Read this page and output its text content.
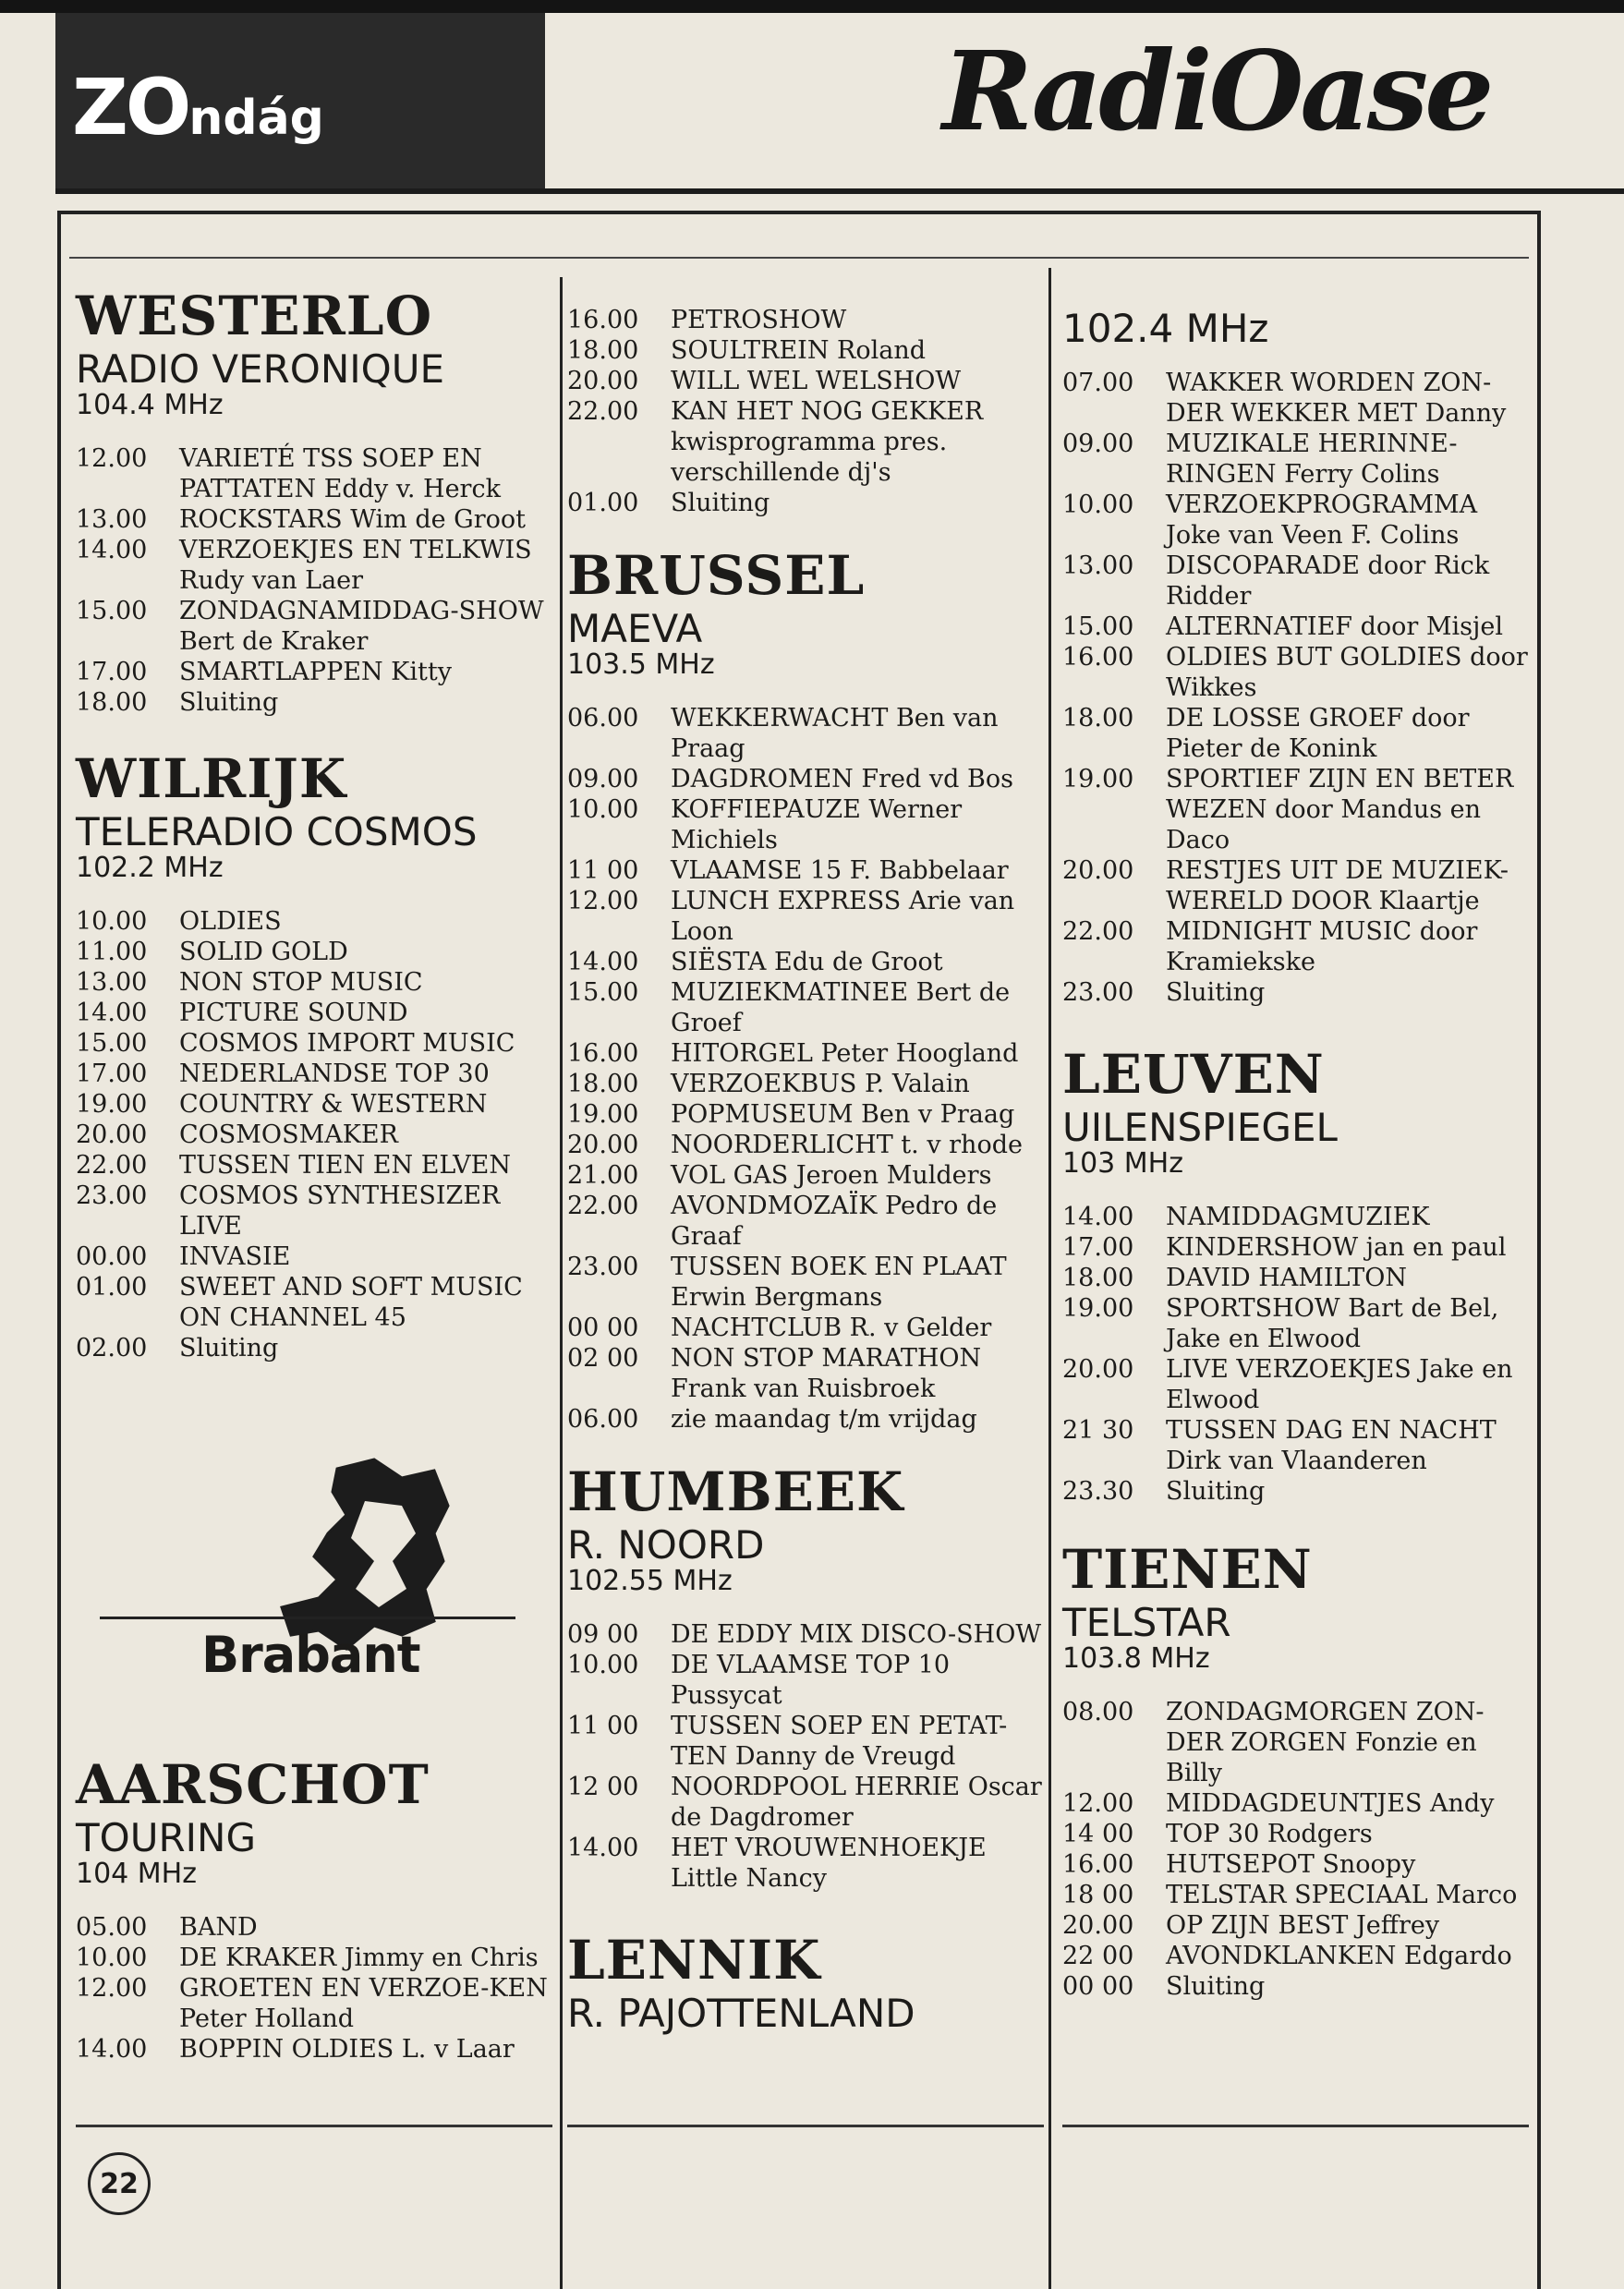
ZOndág	RadiOase
WESTERLO
RADIO VERONIQUE
104.4 MHz
12.00	VARIETÉ TSS SOEP EN PATTATEN Eddy v. Herck
13.00	ROCKSTARS Wim de Groot
14.00	VERZOEKJES EN TELKWIS Rudy van Laer
15.00	ZONDAGNAMIDDAG-SHOW Bert de Kraker
17.00	SMARTLAPPEN Kitty
18.00	Sluiting
WILRIJK
TELERADIO COSMOS
102.2 MHz
10.00	OLDIES
11.00	SOLID GOLD
13.00	NON STOP MUSIC
14.00	PICTURE SOUND
15.00	COSMOS IMPORT MUSIC
17.00	NEDERLANDSE TOP 30
19.00	COUNTRY & WESTERN
20.00	COSMOSMAKER
22.00	TUSSEN TIEN EN ELVEN
23.00	COSMOS SYNTHESIZER LIVE
00.00	INVASIE
01.00	SWEET AND SOFT MUSIC ON CHANNEL 45
02.00	Sluiting
16.00	PETROSHOW
18.00	SOULTREIN Roland
20.00	WILL WEL WELSHOW
22.00	KAN HET NOG GEKKER kwisprogramma pres. verschillende dj's
01.00	Sluiting
BRUSSEL
MAEVA
103.5 MHz
06.00	WEKKERWACHT Ben van Praag
09.00	DAGDROMEN Fred vd Bos
10.00	KOFFIEPAUZE Werner Michiels
11 00	VLAAMSE 15 F. Babbelaar
12.00	LUNCH EXPRESS Arie van Loon
14.00	SIËSTA Edu de Groot
15.00	MUZIEKMATINEE Bert de Groef
16.00	HITORGEL Peter Hoogland
18.00	VERZOEKBUS P. Valain
19.00	POPMUSEUM Ben v Praag
20.00	NOORDERLICHT t. v rhode
21.00	VOL GAS Jeroen Mulders
22.00	AVONDMOZAÏK Pedro de Graaf
23.00	TUSSEN BOEK EN PLAAT Erwin Bergmans
00 00	NACHTCLUB R. v Gelder
02 00	NON STOP MARATHON Frank van Ruisbroek
06.00	zie maandag t/m vrijdag
HUMBEEK
R. NOORD
102.55 MHz
09 00	DE EDDY MIX DISCO-SHOW
10.00	DE VLAAMSE TOP 10 Pussycat
11 00	TUSSEN SOEP EN PETAT-TEN Danny de Vreugd
12 00	NOORDPOOL HERRIE Oscar de Dagdromer
14.00	HET VROUWENHOEKJE Little Nancy
LENNIK
R. PAJOTTENLAND
102.4 MHz
07.00	WAKKER WORDEN ZON-DER WEKKER MET Danny
09.00	MUZIKALE HERINNE-RINGEN Ferry Colins
10.00	VERZOEKPROGRAMMA Joke van Veen F. Colins
13.00	DISCOPARADE door Rick Ridder
15.00	ALTERNATIEF door Misjel
16.00	OLDIES BUT GOLDIES door Wikkes
18.00	DE LOSSE GROEF door Pieter de Konink
19.00	SPORTIEF ZIJN EN BETER WEZEN door Mandus en Daco
20.00	RESTJES UIT DE MUZIEK-WERELD DOOR Klaartje
22.00	MIDNIGHT MUSIC door Kramiekske
23.00	Sluiting
LEUVEN
UILENSPIEGEL
103 MHz
14.00	NAMIDDAGMUZIEK
17.00	KINDERSHOW jan en paul
18.00	DAVID HAMILTON
19.00	SPORTSHOW Bart de Bel, Jake en Elwood
20.00	LIVE VERZOEKJES Jake en Elwood
21 30	TUSSEN DAG EN NACHT Dirk van Vlaanderen
23.30	Sluiting
TIENEN
TELSTAR
103.8 MHz
08.00	ZONDAGMORGEN ZON-DER ZORGEN Fonzie en Billy
12.00	MIDDAGDEUNTJES Andy
14 00	TOP 30 Rodgers
16.00	HUTSEPOT Snoopy
18 00	TELSTAR SPECIAAL Marco
20.00	OP ZIJN BEST Jeffrey
22 00	AVONDKLANKEN Edgardo
00 00	Sluiting
AARSCHOT
TOURING
104 MHz
05.00	BAND
10.00	DE KRAKER Jimmy en Chris
12.00	GROETEN EN VERZOE-KEN Peter Holland
14.00	BOPPIN OLDIES L. v Laar
Brabant
22
